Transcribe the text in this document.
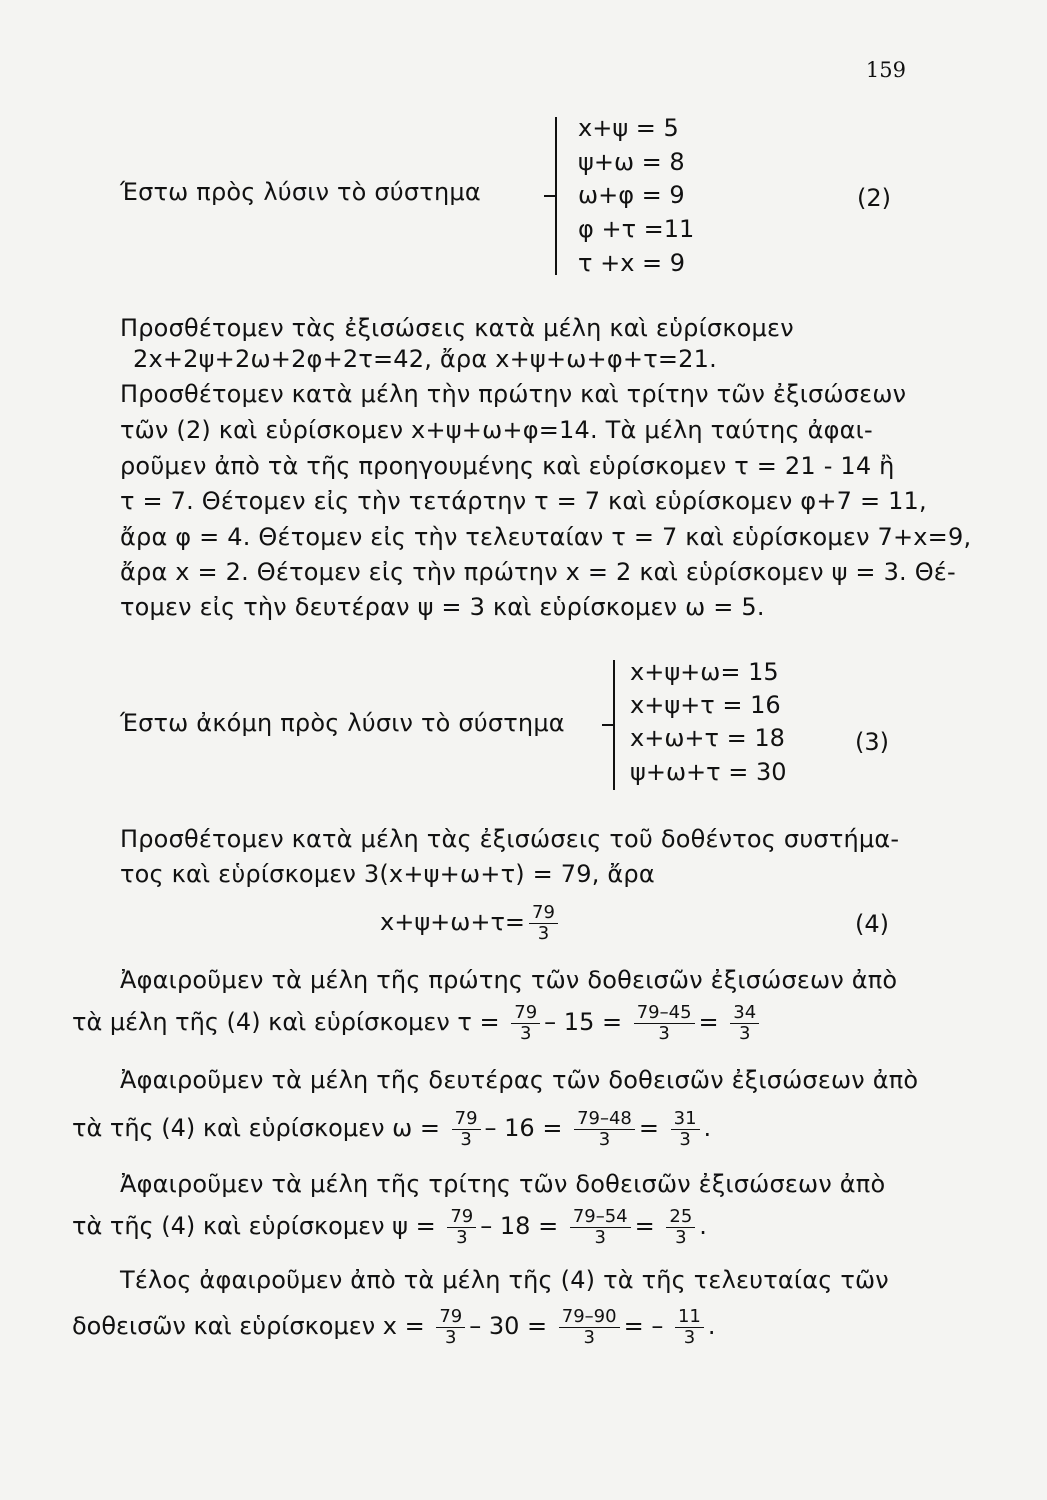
159
Έστω πρὸς λύσιν τὸ σύστημα
x+ψ = 5
ψ+ω = 8
ω+φ = 9
φ +τ =11
τ +x = 9
(2)
Προσθέτομεν τὰς ἐξισώσεις κατὰ μέλη καὶ εὑρίσκομεν
2x+2ψ+2ω+2φ+2τ=42, ἄρα x+ψ+ω+φ+τ=21.
Προσθέτομεν κατὰ μέλη τὴν πρώτην καὶ τρίτην τῶν ἐξισώσεων
τῶν (2) καὶ εὑρίσκομεν x+ψ+ω+φ=14. Τὰ μέλη ταύτης ἀφαι-
ροῦμεν ἀπὸ τὰ τῆς προηγουμένης καὶ εὑρίσκομεν τ = 21 - 14 ἢ
τ = 7. Θέτομεν εἰς τὴν τετάρτην τ = 7 καὶ εὑρίσκομεν φ+7 = 11,
ἄρα φ = 4. Θέτομεν εἰς τὴν τελευταίαν τ = 7 καὶ εὑρίσκομεν 7+x=9,
ἄρα x = 2. Θέτομεν εἰς τὴν πρώτην x = 2 καὶ εὑρίσκομεν ψ = 3. Θέ-
τομεν εἰς τὴν δευτέραν ψ = 3 καὶ εὑρίσκομεν ω = 5.
Έστω ἀκόμη πρὸς λύσιν τὸ σύστημα
x+ψ+ω= 15
x+ψ+τ = 16
x+ω+τ = 18
ψ+ω+τ = 30
(3)
Προσθέτομεν κατὰ μέλη τὰς ἐξισώσεις τοῦ δοθέντος συστήμα-
τος καὶ εὑρίσκομεν 3(x+ψ+ω+τ) = 79, ἄρα
$x+\psi+\omega+\tau= \frac{79}{3}$	(4)
Ἀφαιροῦμεν τὰ μέλη τῆς πρώτης τῶν δοθεισῶν ἐξισώσεων ἀπὸ
τὰ μέλη τῆς (4) καὶ εὑρίσκομεν $\tau = \frac{79}{3} - 15 = \frac{79-45}{3} = \frac{34}{3}$
Ἀφαιροῦμεν τὰ μέλη τῆς δευτέρας τῶν δοθεισῶν ἐξισώσεων ἀπὸ
τὰ τῆς (4) καὶ εὑρίσκομεν $\omega = \frac{79}{3} - 16 = \frac{79-48}{3} = \frac{31}{3}$ .
Ἀφαιροῦμεν τὰ μέλη τῆς τρίτης τῶν δοθεισῶν ἐξισώσεων ἀπὸ
τὰ τῆς (4) καὶ εὑρίσκομεν $\psi = \frac{79}{3} - 18 = \frac{79-54}{3} = \frac{25}{3}$ .
Τέλος ἀφαιροῦμεν ἀπὸ τὰ μέλη τῆς (4) τὰ τῆς τελευταίας τῶν
δοθεισῶν καὶ εὑρίσκομεν $x = \frac{79}{3} - 30 = \frac{79-90}{3}$ = – $\frac{11}{3}$ .
